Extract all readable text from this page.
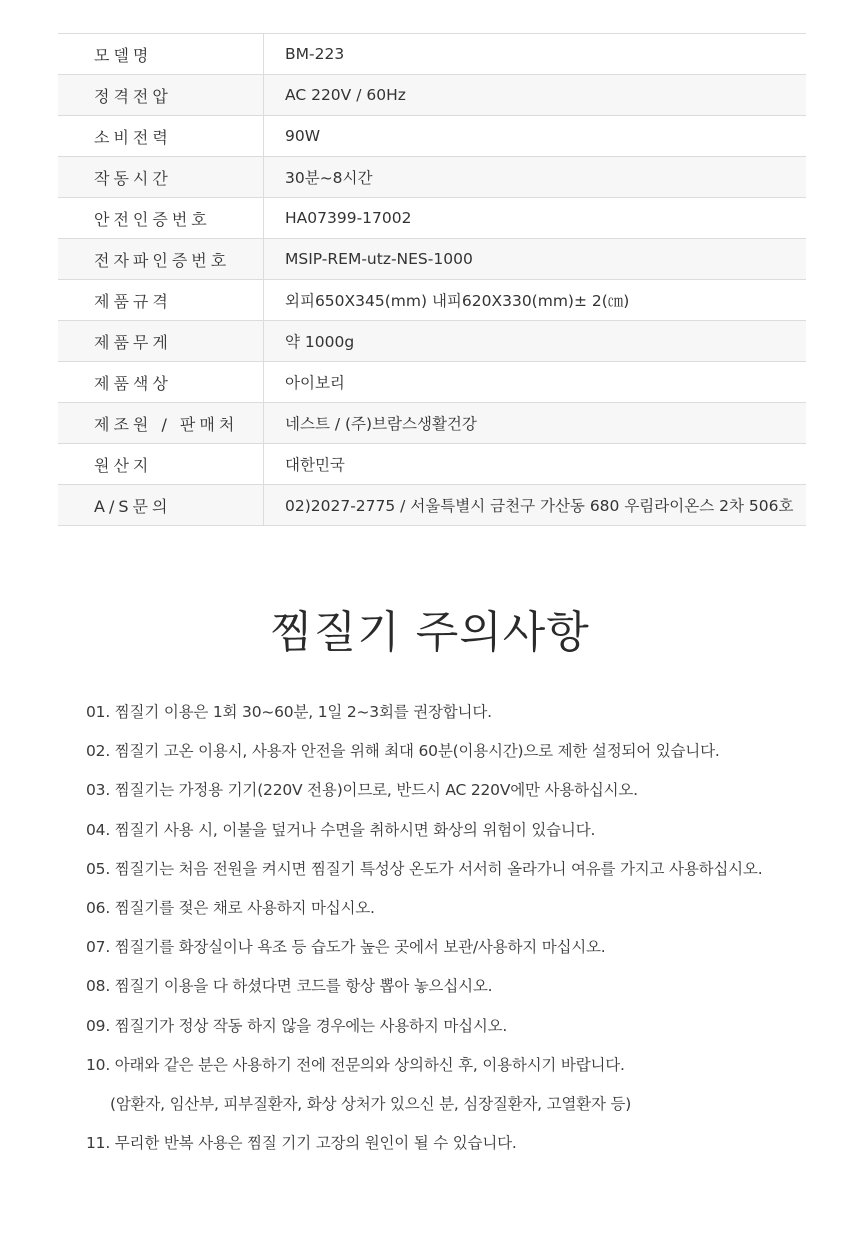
모델명	BM-223
정격전압	AC 220V / 60Hz
소비전력	90W
작동시간	30분~8시간
안전인증번호	HA07399-17002
전자파인증번호	MSIP-REM-utz-NES-1000
제품규격	외피650X345(mm) 내피620X330(mm)± 2(㎝)
제품무게	약 1000g
제품색상	아이보리
제조원 / 판매처	네스트 / (주)브람스생활건강
원산지	대한민국
A/S문의	02)2027-2775 / 서울특별시 금천구 가산동 680 우림라이온스 2차 506호
찜질기 주의사항
01. 찜질기 이용은 1회 30~60분, 1일 2~3회를 권장합니다.
02. 찜질기 고온 이용시, 사용자 안전을 위해 최대 60분(이용시간)으로 제한 설정되어 있습니다.
03. 찜질기는 가정용 기기(220V 전용)이므로, 반드시 AC 220V에만 사용하십시오.
04. 찜질기 사용 시, 이불을 덮거나 수면을 취하시면 화상의 위험이 있습니다.
05. 찜질기는 처음 전원을 켜시면 찜질기 특성상 온도가 서서히 올라가니 여유를 가지고 사용하십시오.
06. 찜질기를 젖은 채로 사용하지 마십시오.
07. 찜질기를 화장실이나 욕조 등 습도가 높은 곳에서 보관/사용하지 마십시오.
08. 찜질기 이용을 다 하셨다면 코드를 항상 뽑아 놓으십시오.
09. 찜질기가 정상 작동 하지 않을 경우에는 사용하지 마십시오.
10. 아래와 같은 분은 사용하기 전에 전문의와 상의하신 후, 이용하시기 바랍니다.
(암환자, 임산부, 피부질환자, 화상 상처가 있으신 분, 심장질환자, 고열환자 등)
11. 무리한 반복 사용은 찜질 기기 고장의 원인이 될 수 있습니다.
